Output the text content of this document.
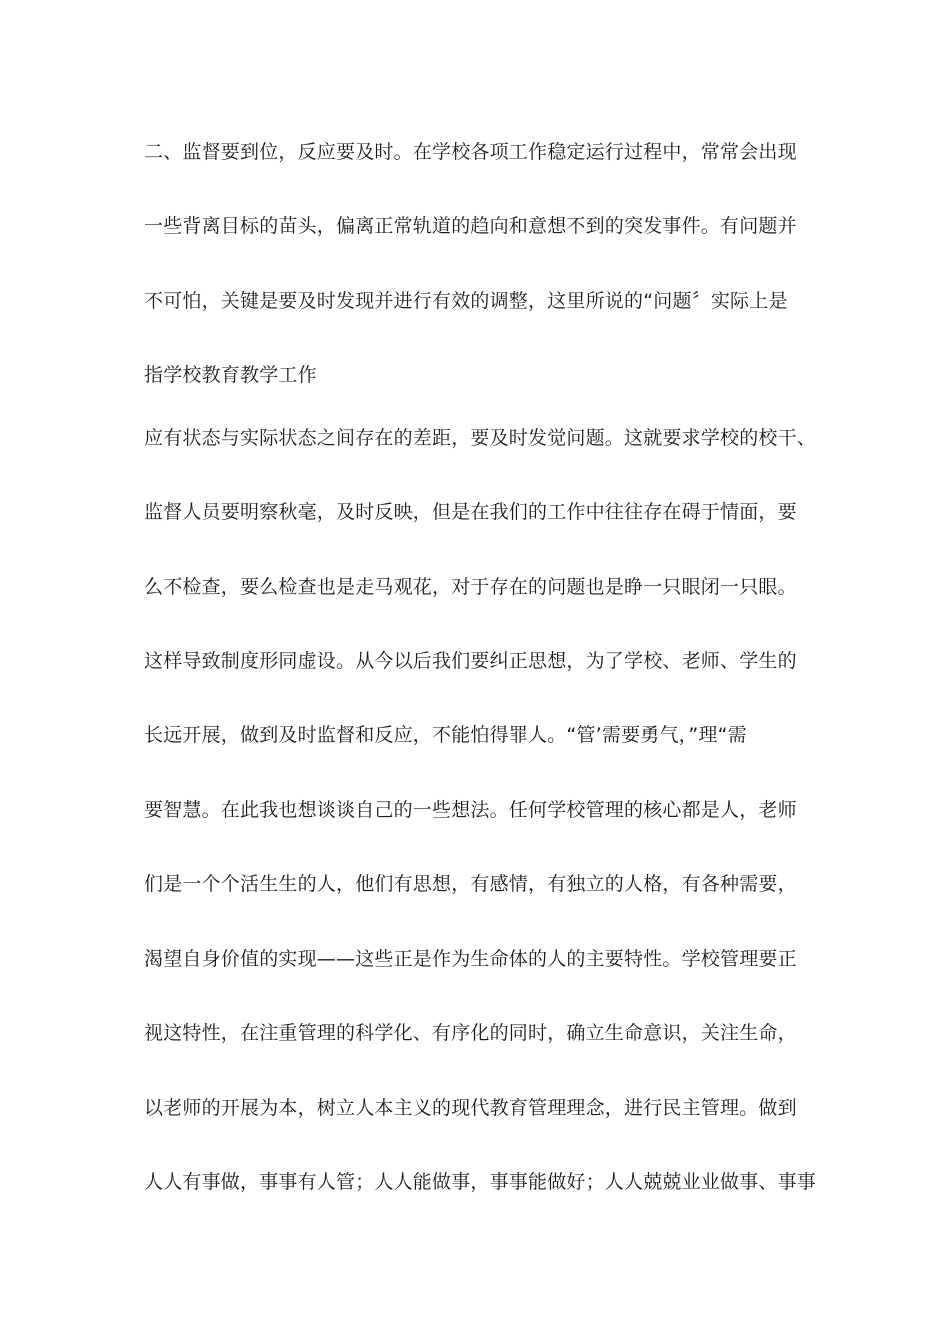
二、监督要到位，反应要及时。在学校各项工作稳定运行过程中，常常会出现
一些背离目标的苗头，偏离正常轨道的趋向和意想不到的突发事件。有问题并
不可怕，关键是要及时发现并进行有效的调整，这里所说的“问题〞实际上是
指学校教育教学工作
应有状态与实际状态之间存在的差距，要及时发觉问题。这就要求学校的校干、
监督人员要明察秋毫，及时反映，但是在我们的工作中往往存在碍于情面，要
么不检查，要么检查也是走马观花，对于存在的问题也是睁一只眼闭一只眼。
这样导致制度形同虚设。从今以后我们要纠正思想，为了学校、老师、学生的
长远开展，做到及时监督和反应，不能怕得罪人。“管’需要勇气，”理“需
要智慧。在此我也想谈谈自己的一些想法。任何学校管理的核心都是人，老师
们是一个个活生生的人，他们有思想，有感情，有独立的人格，有各种需要，
渴望自身价值的实现——这些正是作为生命体的人的主要特性。学校管理要正
视这特性，在注重管理的科学化、有序化的同时，确立生命意识，关注生命，
以老师的开展为本，树立人本主义的现代教育管理理念，进行民主管理。做到
人人有事做，事事有人管；人人能做事，事事能做好；人人兢兢业业做事、事事
